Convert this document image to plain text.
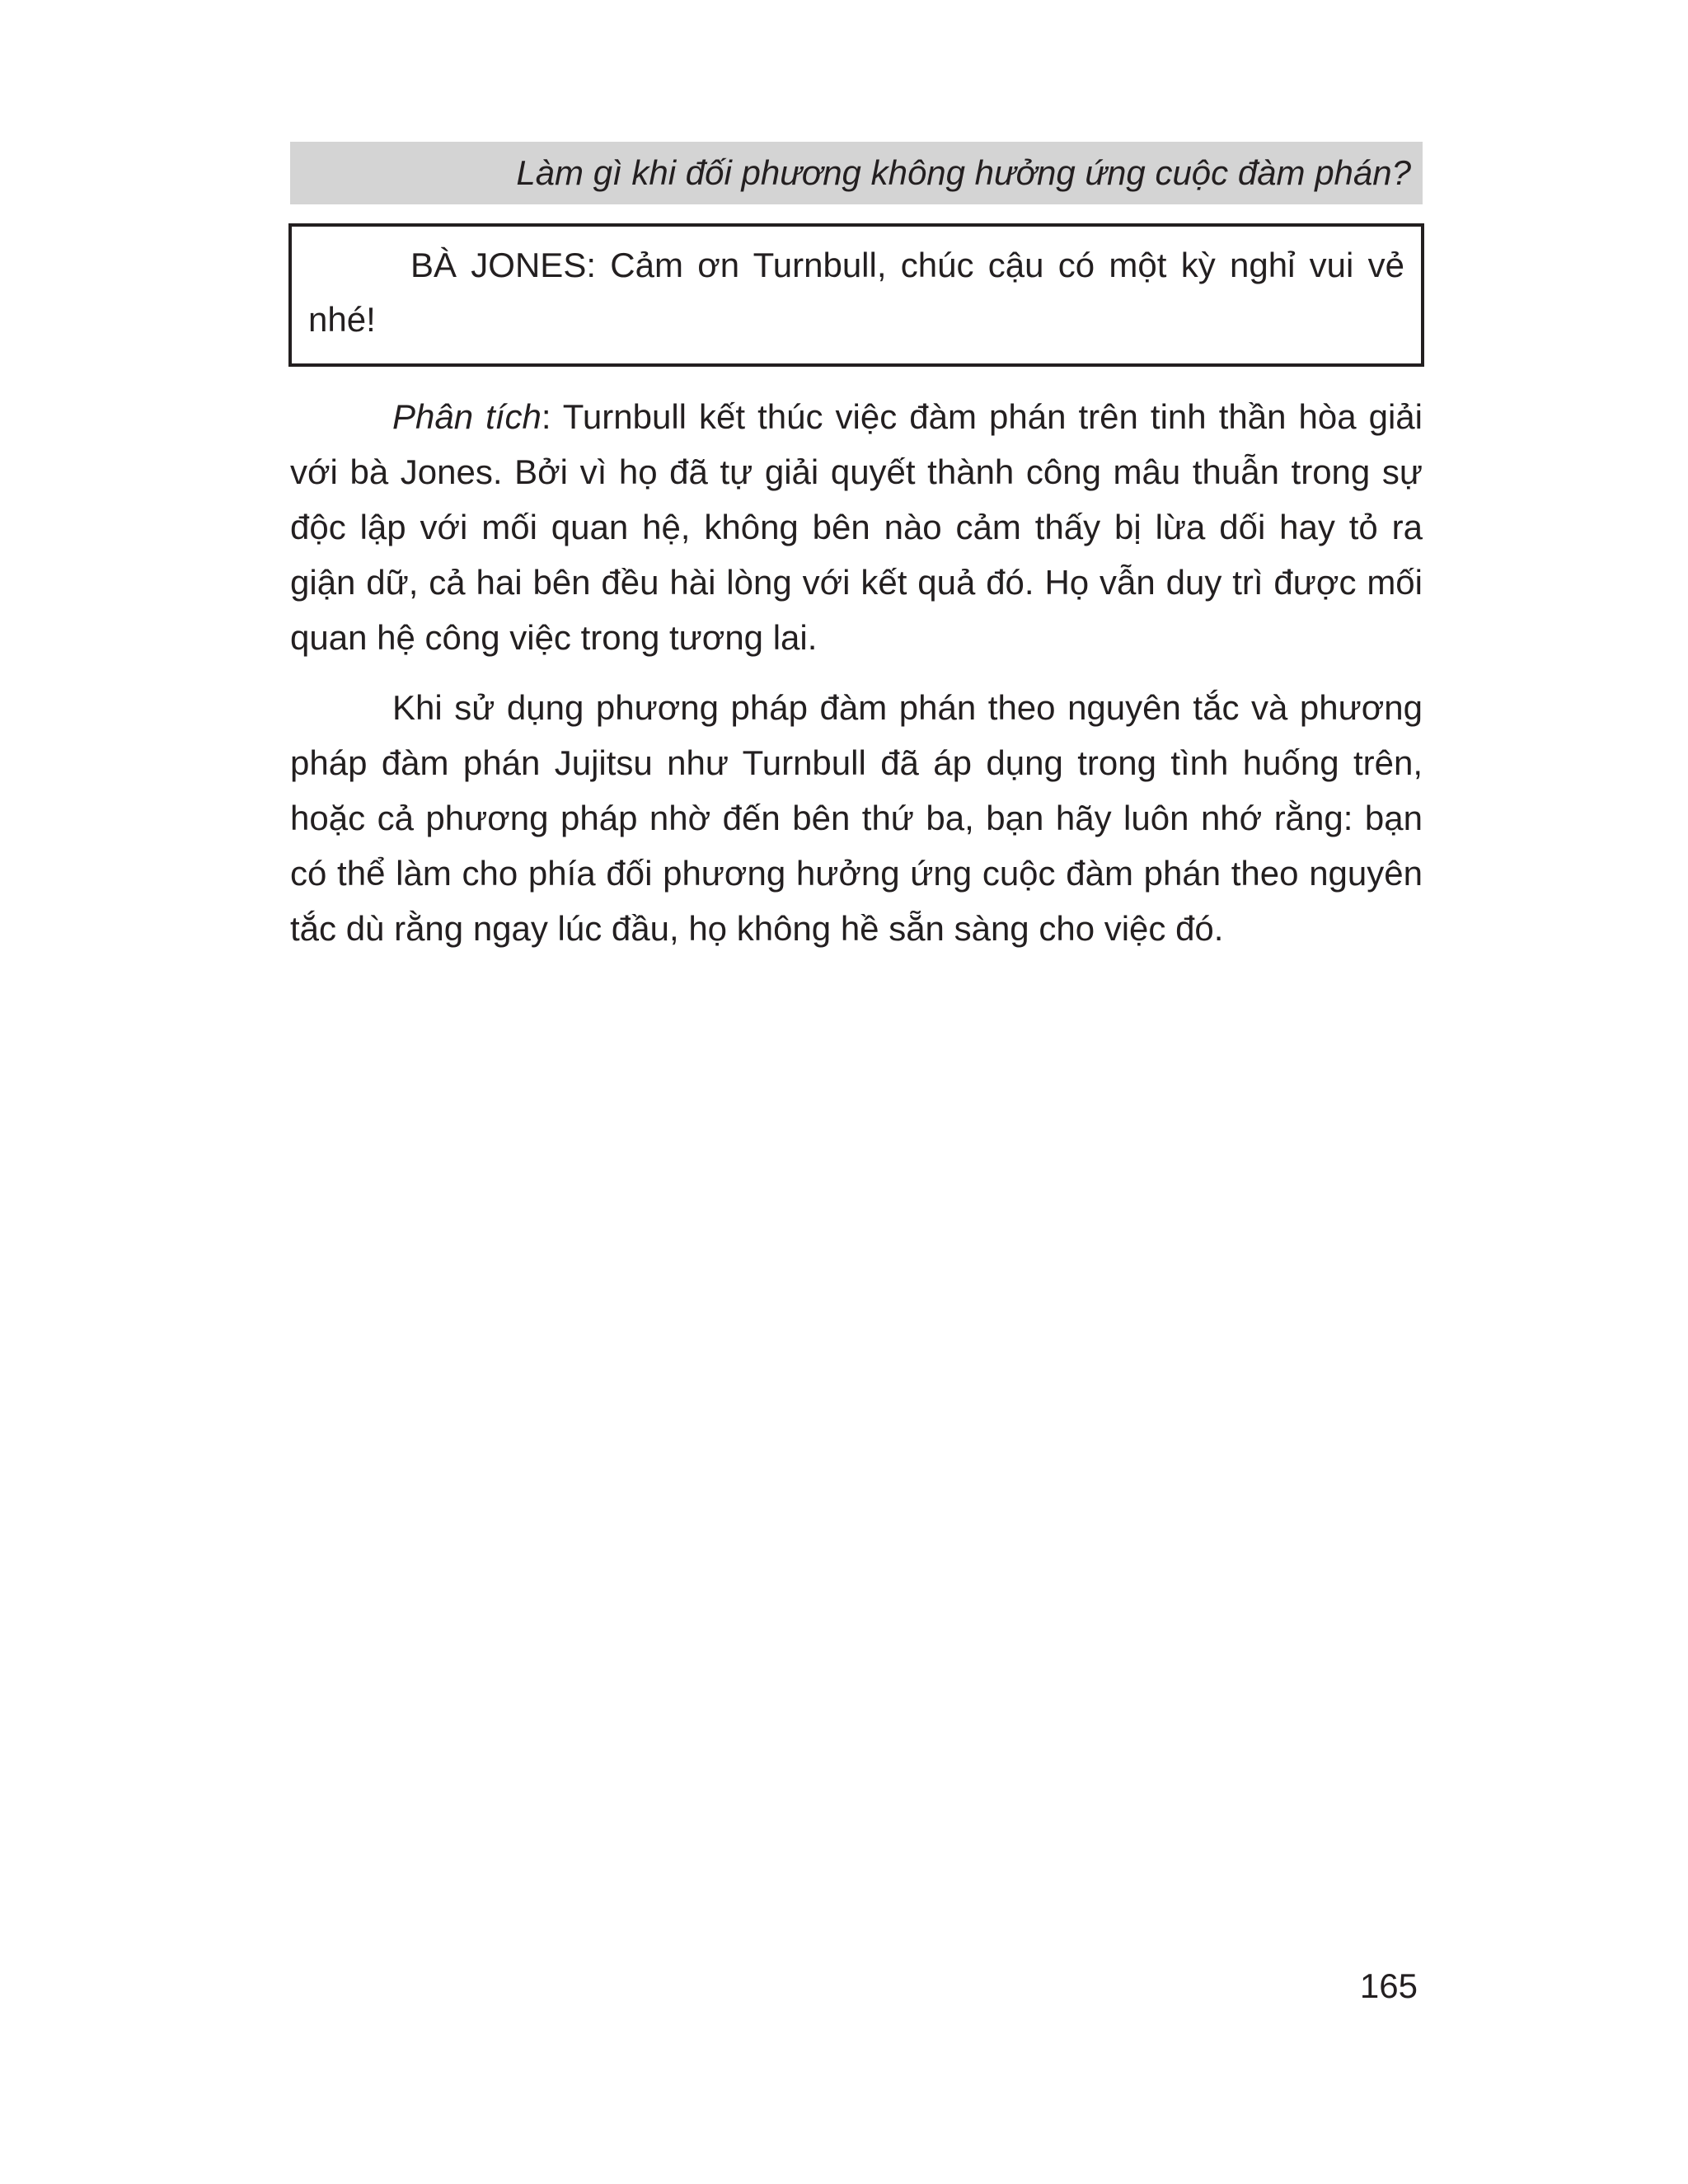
Làm gì khi đối phương không hưởng ứng cuộc đàm phán?

BÀ JONES: Cảm ơn Turnbull, chúc cậu có một kỳ nghỉ vui vẻ nhé!

Phân tích: Turnbull kết thúc việc đàm phán trên tinh thần hòa giải với bà Jones. Bởi vì họ đã tự giải quyết thành công mâu thuẫn trong sự độc lập với mối quan hệ, không bên nào cảm thấy bị lừa dối hay tỏ ra giận dữ, cả hai bên đều hài lòng với kết quả đó. Họ vẫn duy trì được mối quan hệ công việc trong tương lai.

Khi sử dụng phương pháp đàm phán theo nguyên tắc và phương pháp đàm phán Jujitsu như Turnbull đã áp dụng trong tình huống trên, hoặc cả phương pháp nhờ đến bên thứ ba, bạn hãy luôn nhớ rằng: bạn có thể làm cho phía đối phương hưởng ứng cuộc đàm phán theo nguyên tắc dù rằng ngay lúc đầu, họ không hề sẵn sàng cho việc đó.

165
